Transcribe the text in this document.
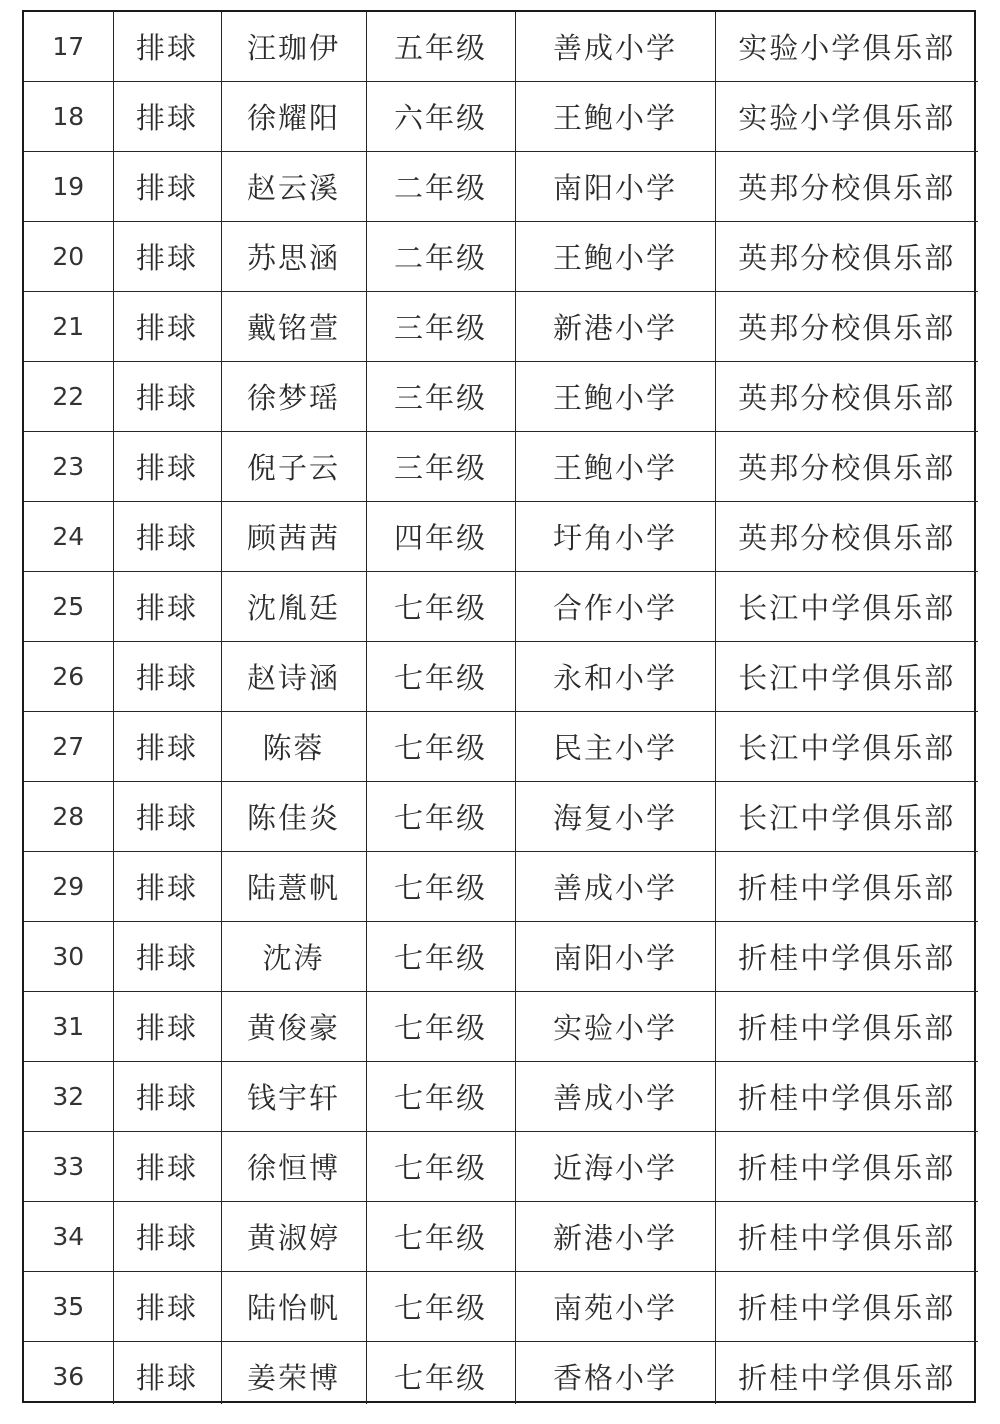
17	排球	汪珈伊	五年级	善成小学	实验小学俱乐部
18	排球	徐耀阳	六年级	王鲍小学	实验小学俱乐部
19	排球	赵云溪	二年级	南阳小学	英邦分校俱乐部
20	排球	苏思涵	二年级	王鲍小学	英邦分校俱乐部
21	排球	戴铭萱	三年级	新港小学	英邦分校俱乐部
22	排球	徐梦瑶	三年级	王鲍小学	英邦分校俱乐部
23	排球	倪子云	三年级	王鲍小学	英邦分校俱乐部
24	排球	顾茜茜	四年级	圩角小学	英邦分校俱乐部
25	排球	沈胤廷	七年级	合作小学	长江中学俱乐部
26	排球	赵诗涵	七年级	永和小学	长江中学俱乐部
27	排球	陈蓉	七年级	民主小学	长江中学俱乐部
28	排球	陈佳炎	七年级	海复小学	长江中学俱乐部
29	排球	陆薏帆	七年级	善成小学	折桂中学俱乐部
30	排球	沈涛	七年级	南阳小学	折桂中学俱乐部
31	排球	黄俊豪	七年级	实验小学	折桂中学俱乐部
32	排球	钱宇轩	七年级	善成小学	折桂中学俱乐部
33	排球	徐恒博	七年级	近海小学	折桂中学俱乐部
34	排球	黄淑婷	七年级	新港小学	折桂中学俱乐部
35	排球	陆怡帆	七年级	南苑小学	折桂中学俱乐部
36	排球	姜荣博	七年级	香格小学	折桂中学俱乐部
